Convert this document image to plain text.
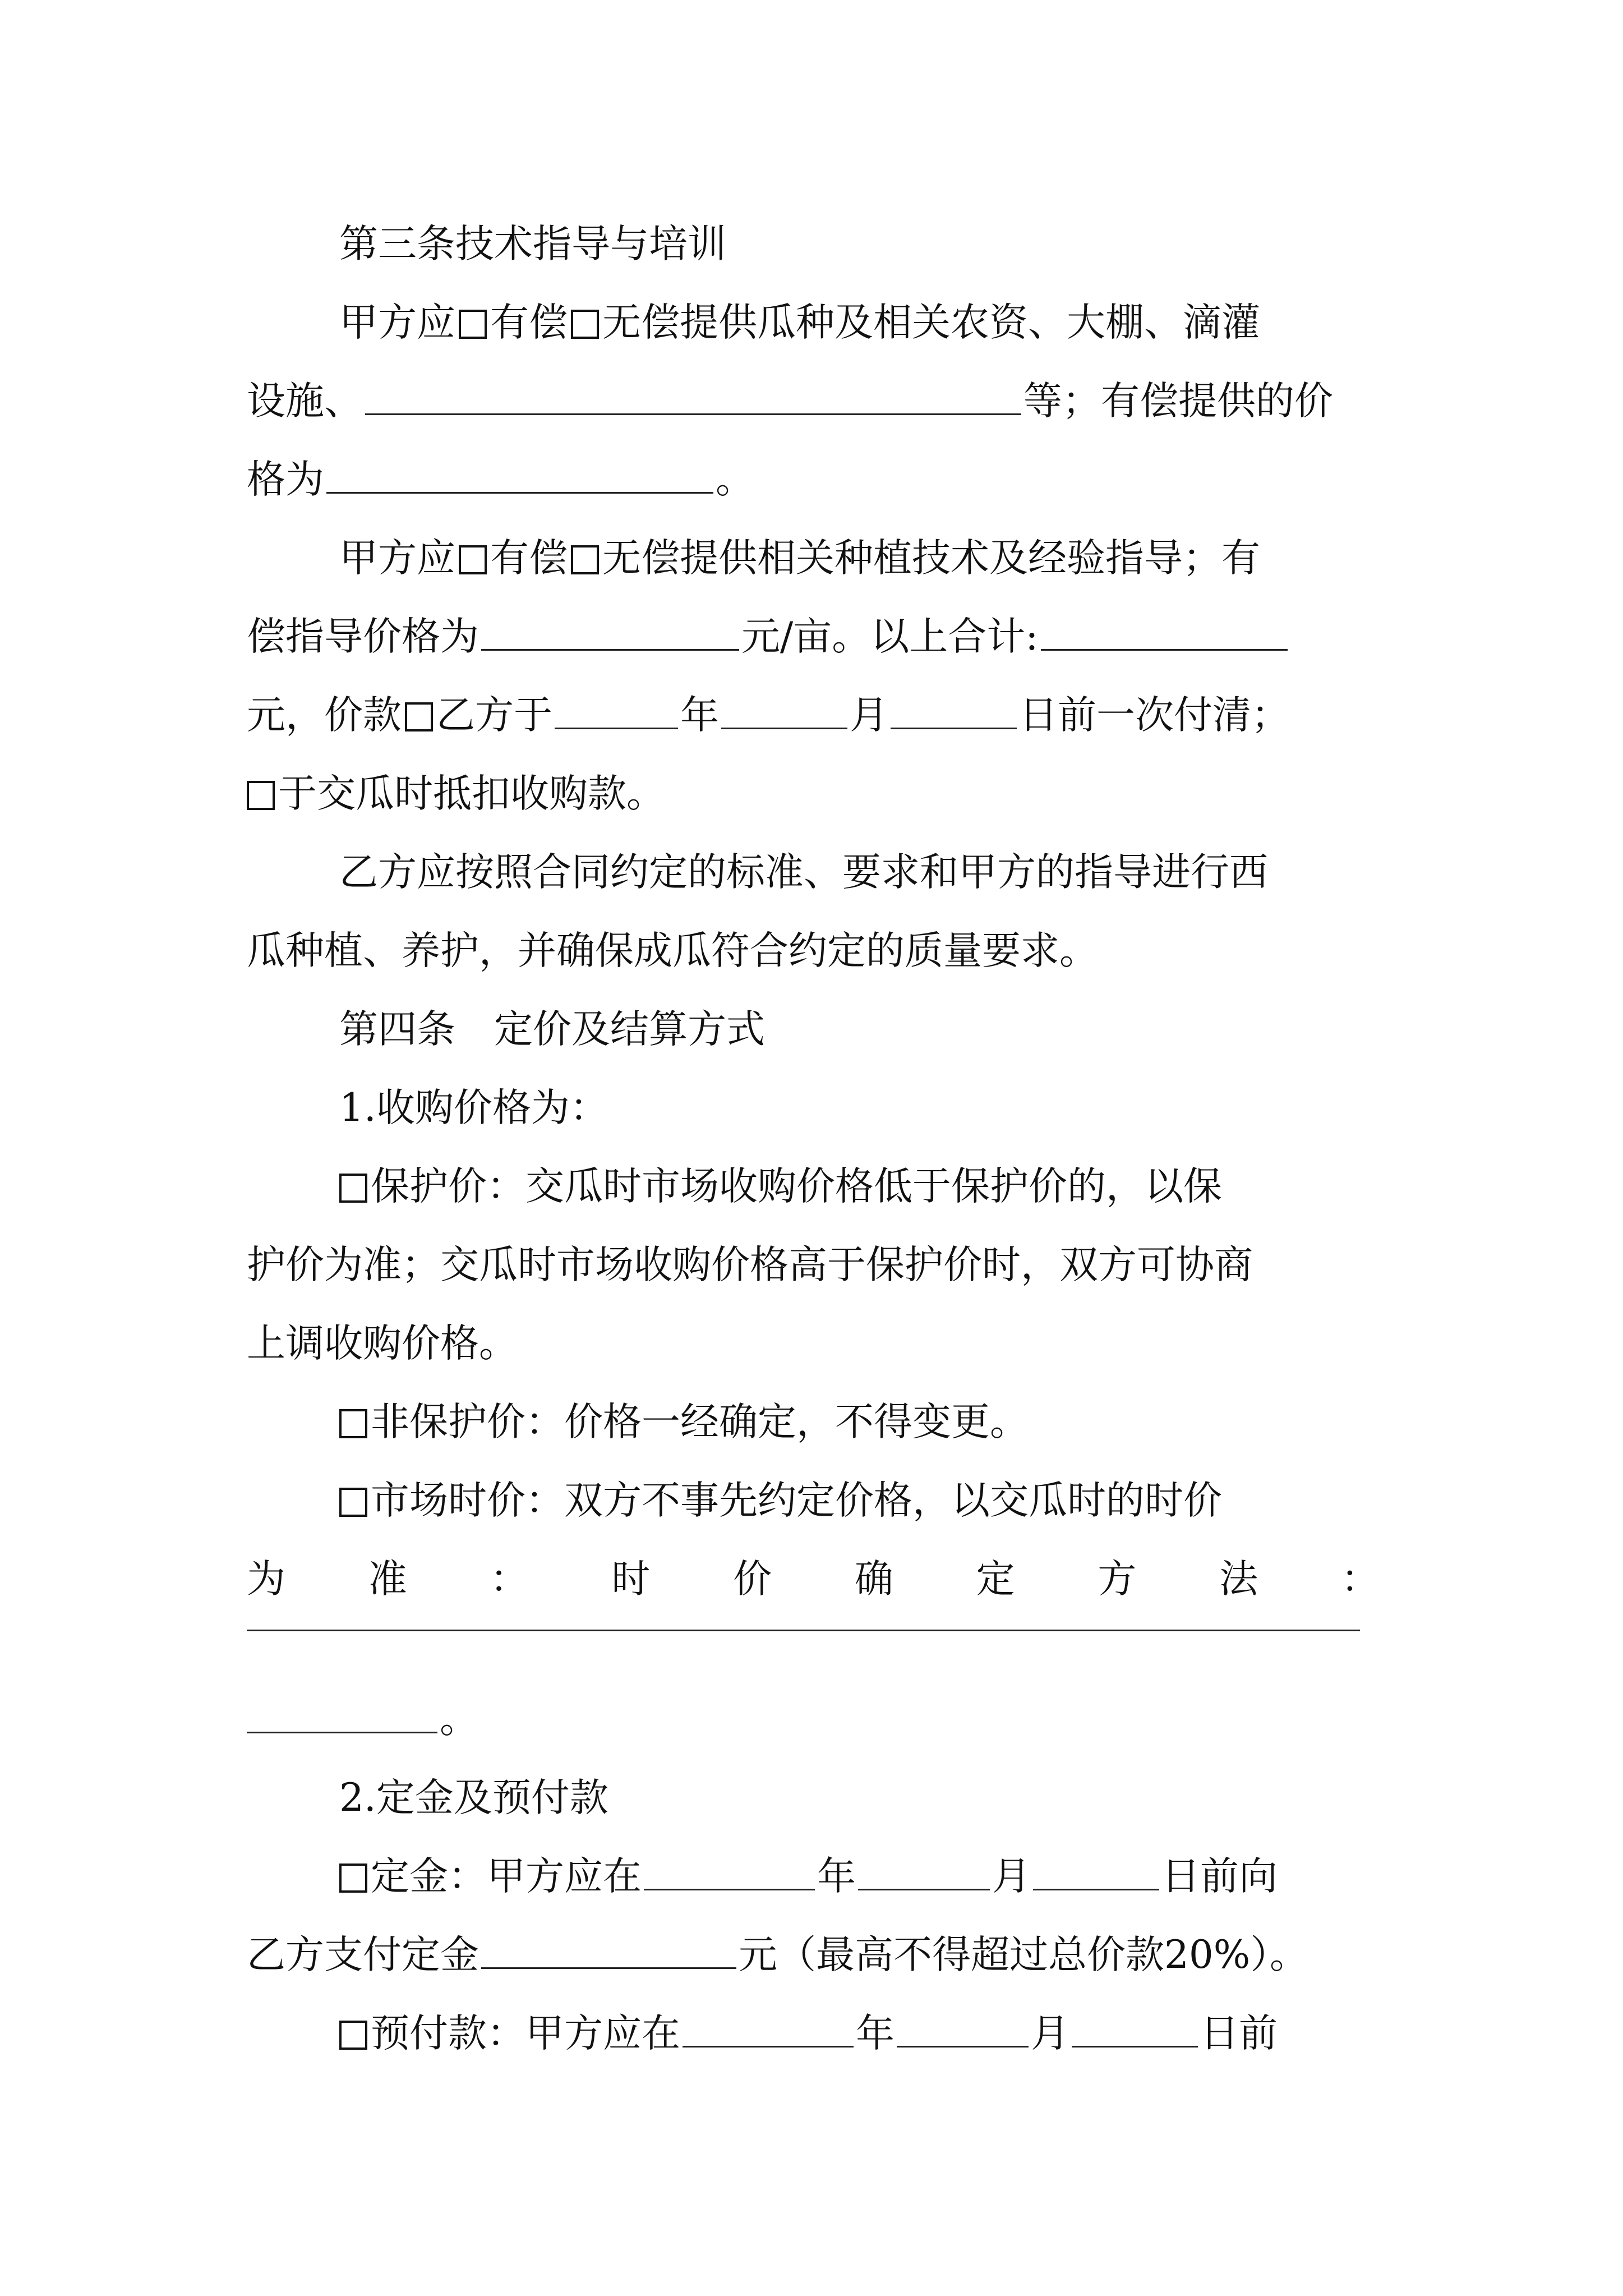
第三条技术指导与培训
甲方应 有偿 无偿提供瓜种及相关农资、大棚、滴灌
设施、	等；有偿提供的价
格为	。
甲方应 有偿 无偿提供相关种植技术及经验指导；有
偿指导价格为	元/亩。以上合计:
元，价款 乙方于	年	月	日前一次付清；
于交瓜时抵扣收购款。
乙方应按照合同约定的标准、要求和甲方的指导进行西
瓜种植、养护，并确保成瓜符合约定的质量要求。
第四条　定价及结算方式
1.收购价格为：
保护价：交瓜时市场收购价格低于保护价的，以保
护价为准；交瓜时市场收购价格高于保护价时，双方可协商
上调收购价格。
非保护价：价格一经确定，不得变更。
市场时价：双方不事先约定价格，以交瓜时的时价
为 准 ： 时 价 确 定 方 法 ：
。
2.定金及预付款
定金：甲方应在	年	月	日前向
乙方支付定金	元（最高不得超过总价款20%）。
预付款：甲方应在	年	月	日前
